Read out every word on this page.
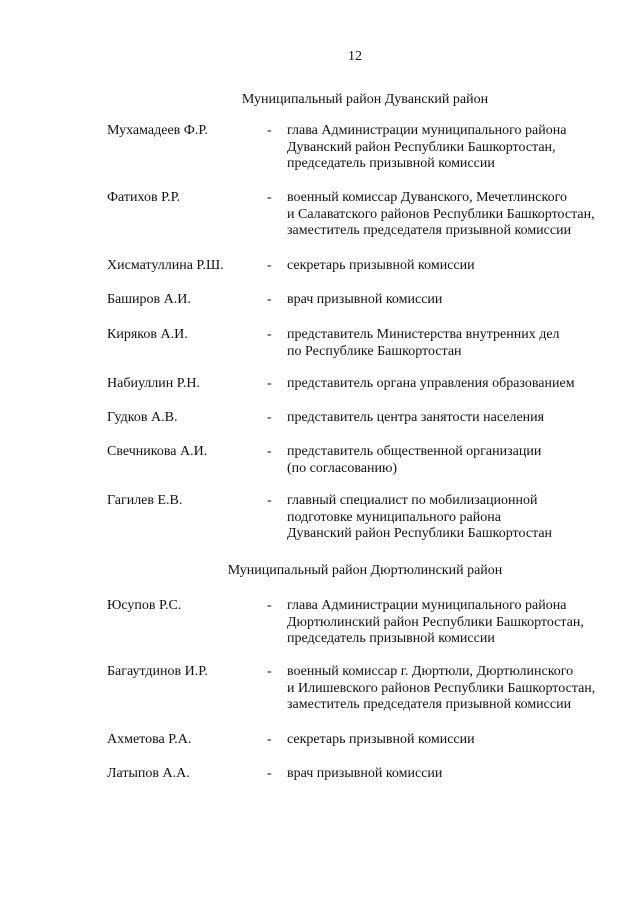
12
Муниципальный район Дуванский район
Мухамадеев Ф.Р.	- глава Администрации муниципального района
Дуванский район Республики Башкортостан,
председатель призывной комиссии
Фатихов Р.Р.	- военный комиссар Дуванского, Мечетлинского
и Салаватского районов Республики Башкортостан,
заместитель председателя призывной комиссии
Хисматуллина Р.Ш.	- секретарь призывной комиссии
Баширов А.И.	- врач призывной комиссии
Киряков А.И.	- представитель Министерства внутренних дел
по Республике Башкортостан
Набиуллин Р.Н.	- представитель органа управления образованием
Гудков А.В.	- представитель центра занятости населения
Свечникова А.И.	- представитель общественной организации
(по согласованию)
Гагилев Е.В.	- главный специалист по мобилизационной
подготовке муниципального района
Дуванский район Республики Башкортостан
Муниципальный район Дюртюлинский район
Юсупов Р.С.	- глава Администрации муниципального района
Дюртюлинский район Республики Башкортостан,
председатель призывной комиссии
Багаутдинов И.Р.	- военный комиссар г. Дюртюли, Дюртюлинского
и Илишевского районов Республики Башкортостан,
заместитель председателя призывной комиссии
Ахметова Р.А.	- секретарь призывной комиссии
Латыпов А.А.	- врач призывной комиссии
